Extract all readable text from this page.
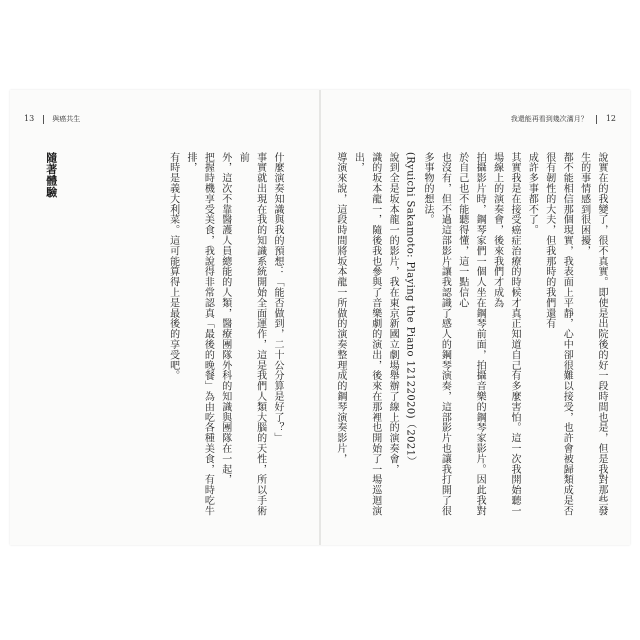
13	與癌共生	我還能再看到幾次滿月？ 12
說實在的我變了，很不真實。即使是出院後的好一段時間也是，但是我對那些發生的事情感到很困擾，
都不能相信那個現實，我表面上平靜，心中卻很難以接受，也許會被歸類成是否很有韌性的大夫，但我那時的我們還有
成許多事都不了。
其實我是在接受癌症治療的時候才真正知道自己有多麼害怕。這一次我開始聽一場線上的演奏會，後來我們才成為
拍攝影片時，鋼琴家們一個人坐在鋼琴前面，拍攝音樂的鋼琴家影片。因此我對於自己也不能聽得懂，這一點信心
也沒有，但不過這部影片讓我認識了感人的鋼琴演奏，這部影片也讓我打開了很多事物的想法。
(Ryuichi Sakamoto: Playing the Piano 12122020)（2021）
說到全是坂本龍一的影片，我在東京新國立劇場舉辦了線上的演奏會，
識的坂本龍一，隨後我也參與了音樂劇的演出，後來在那裡也開始了一場巡迴演出，
導演來說，這段時間將坂本龍一所做的演奏整理成的鋼琴演奏影片，

什麼演奏知識與我的預想：「能否做到，二十公分算是好了？」
事實就出現在我的知識系統開始全面運作，這是我們人類大腦的天性，所以手術前
外，這次不靠醫護人員總能的人類，醫療團隊外科的知識與團隊在一起，
把握時機享受美食，我說得非常認真「最後的晚餐」為由吃各種美食，有時吃牛排，
有時是義大利菜。這可能算得上是最後的享受吧。

隨著體驗
